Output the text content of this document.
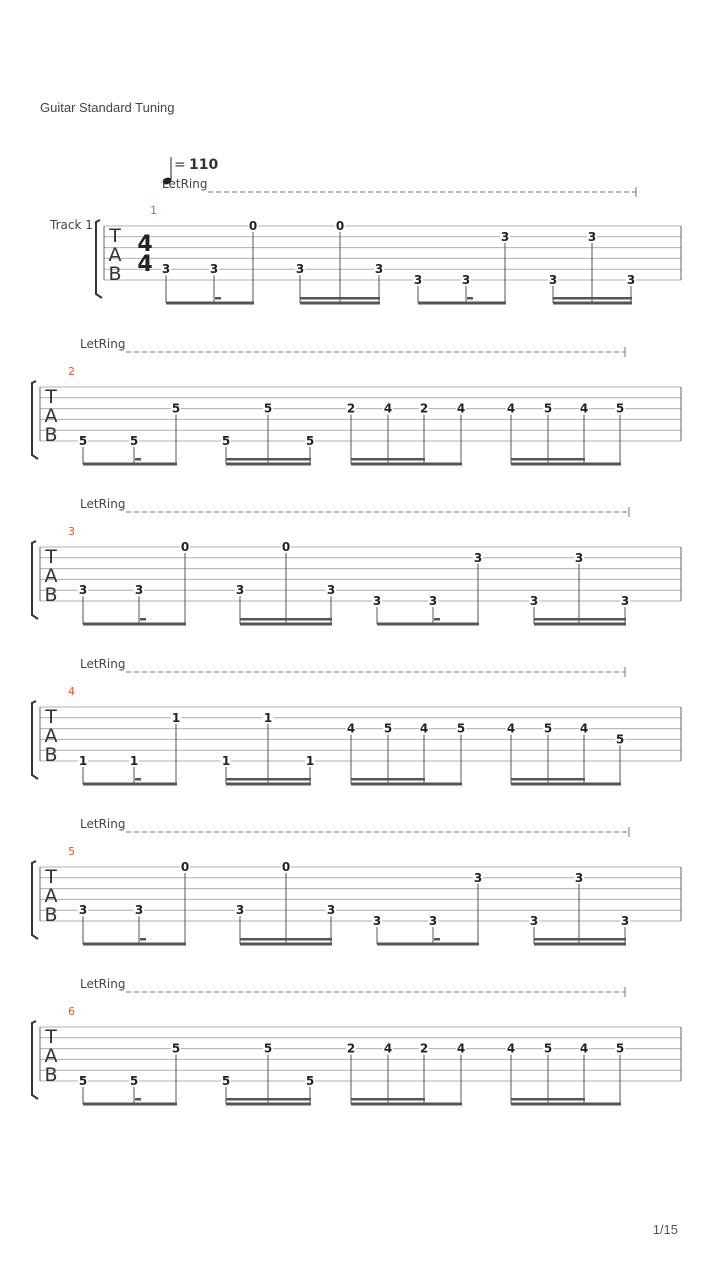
Guitar Standard Tuning
= 110
Track 1
LetRing
T
A
B
4
4
1
3	3
0
3
0
3
3	3
3
3
3
3
LetRing
T
A
B
2
5	5
5
5
5
5
2 4 2 4	4 5 4 5
LetRing
T
A
B
3
3	3
0
3
0
3
3	3
3
3
3
3
LetRing
T
A
B
4
1	1
1
1
1
1
4 5 4 5	4 5 4
5
LetRing
T
A
B
5
3	3
0
3
0
3
3	3
3
3
3
3
LetRing
T
A
B
6
5	5
5
5
5
5
2 4 2 4	4 5 4 5
1/15
